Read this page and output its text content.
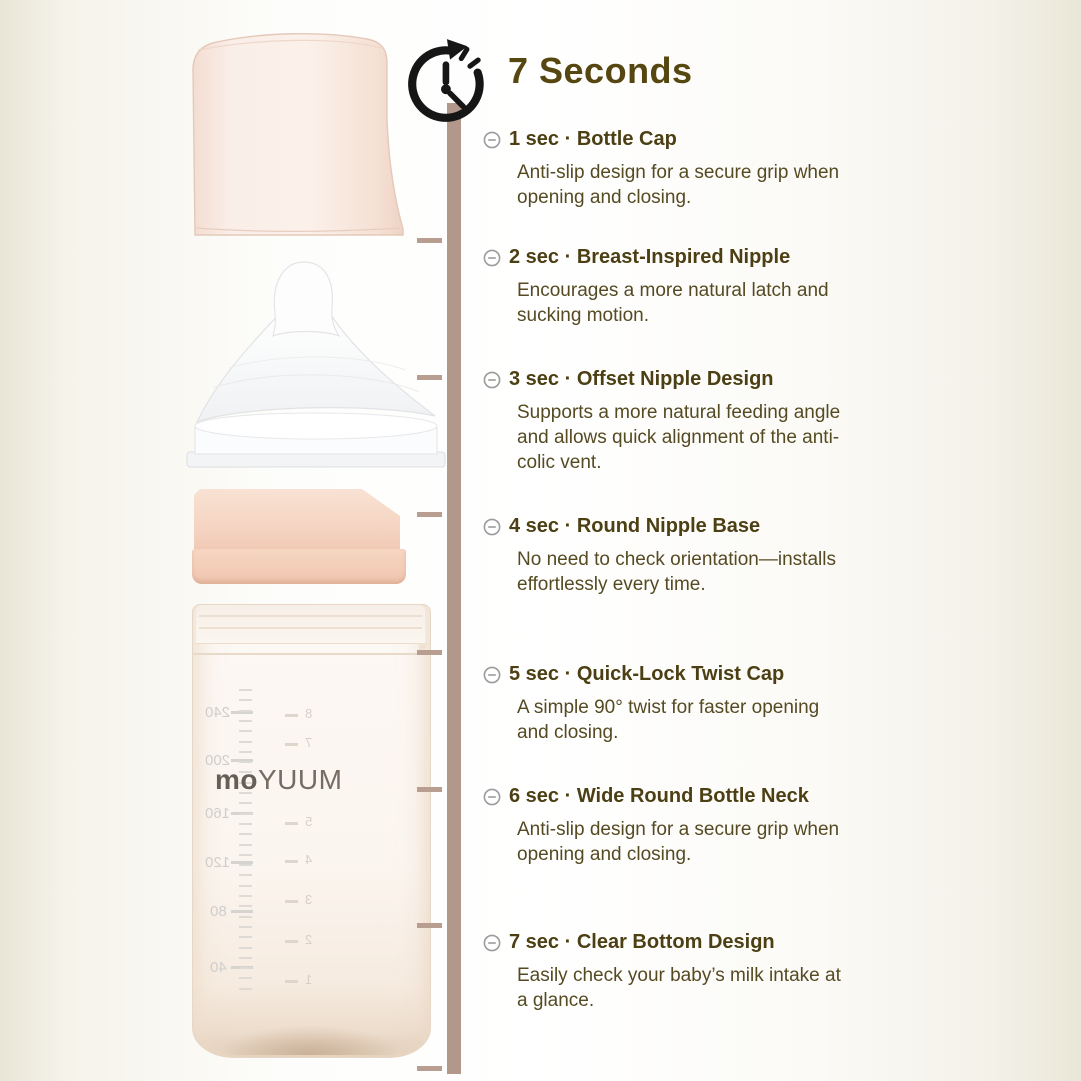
240
200
160
120
80
40
8
7
5
4
3
2
1
moYUUM
7 Seconds
1 sec · Bottle Cap

Anti-slip design for a secure grip when opening and closing.

2 sec · Breast-Inspired Nipple

Encourages a more natural latch and sucking motion.

3 sec · Offset Nipple Design

Supports a more natural feeding angle and allows quick alignment of the anti-colic vent.

4 sec · Round Nipple Base

No need to check orientation—installs effortlessly every time.

5 sec · Quick-Lock Twist Cap

A simple 90° twist for faster opening and closing.

6 sec · Wide Round Bottle Neck

Anti-slip design for a secure grip when opening and closing.

7 sec · Clear Bottom Design

Easily check your baby’s milk intake at a glance.
